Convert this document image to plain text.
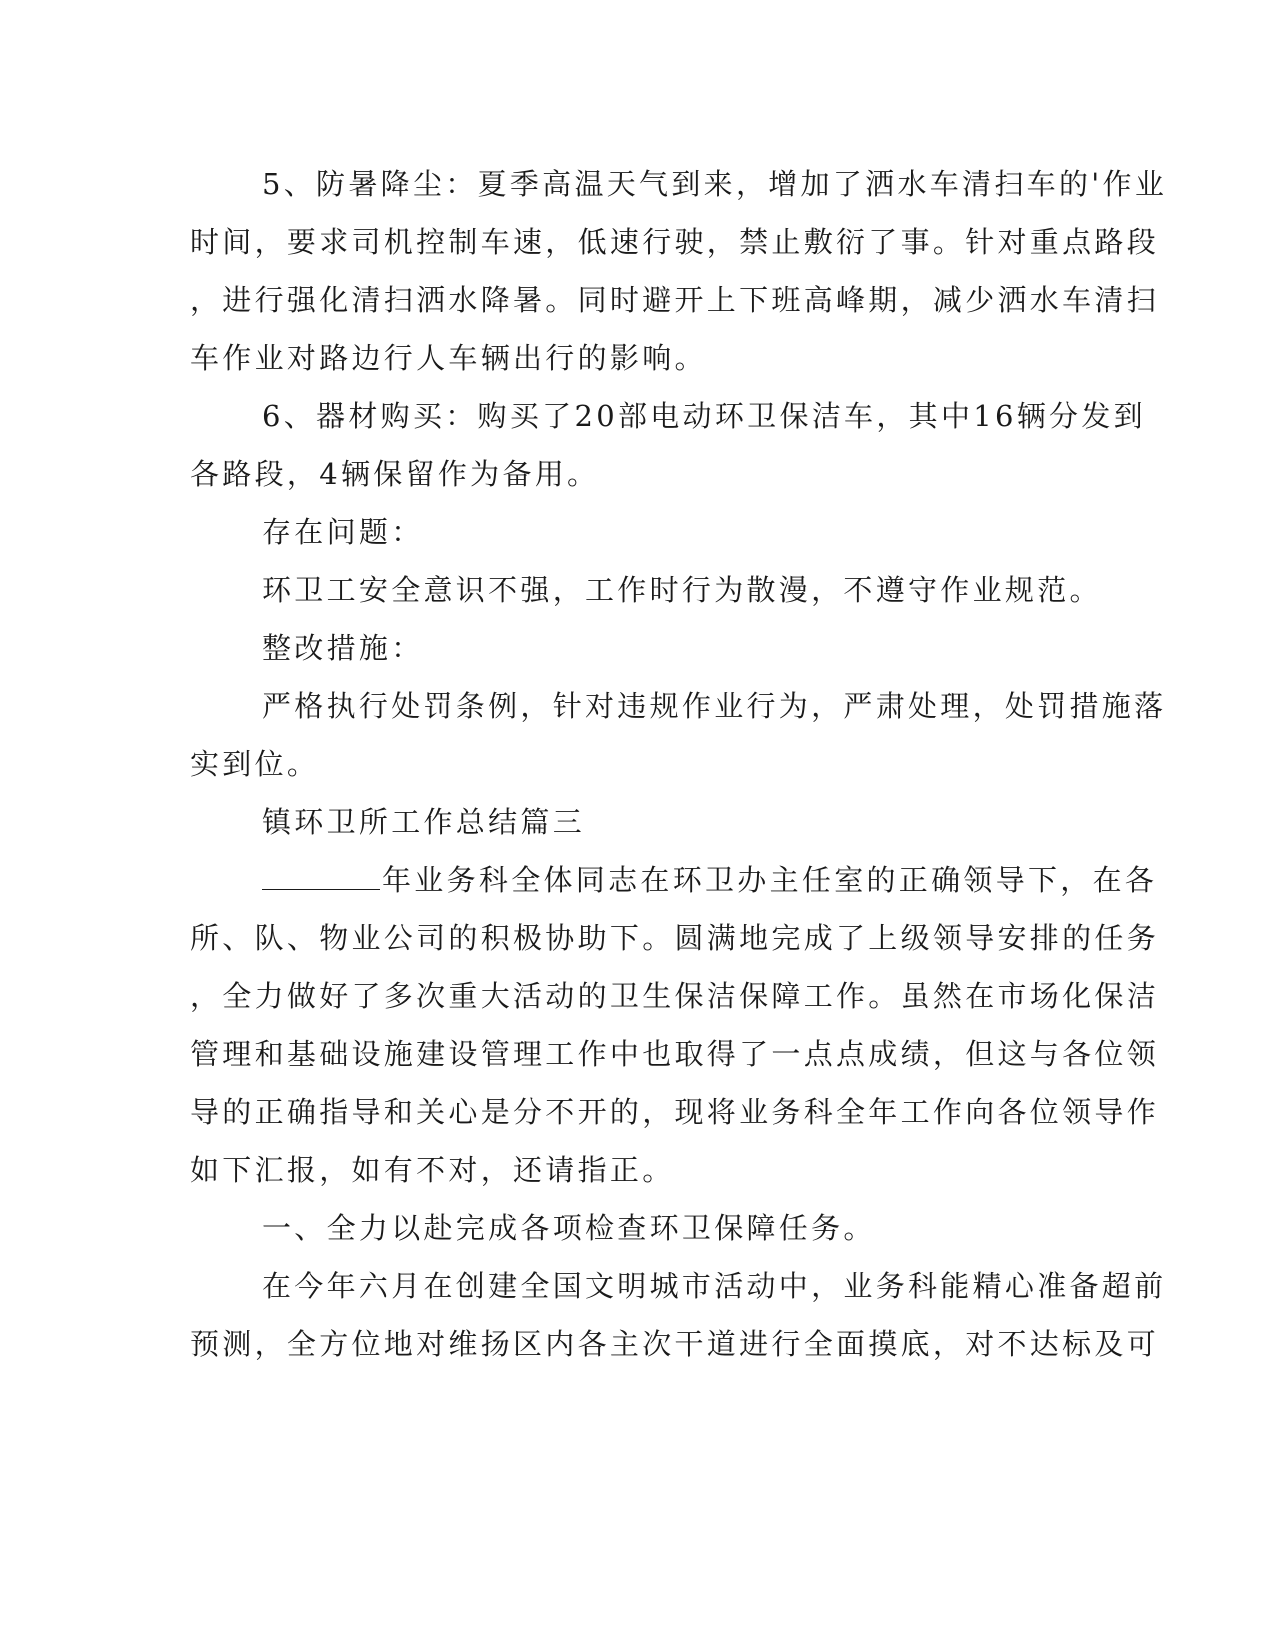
5、防暑降尘：夏季高温天气到来，增加了洒水车清扫车的'作业
时间，要求司机控制车速，低速行驶，禁止敷衍了事。针对重点路段
，进行强化清扫洒水降暑。同时避开上下班高峰期，减少洒水车清扫
车作业对路边行人车辆出行的影响。
6、器材购买：购买了20部电动环卫保洁车，其中16辆分发到
各路段，4辆保留作为备用。
存在问题：
环卫工安全意识不强，工作时行为散漫，不遵守作业规范。
整改措施：
严格执行处罚条例，针对违规作业行为，严肃处理，处罚措施落
实到位。
镇环卫所工作总结篇三
年业务科全体同志在环卫办主任室的正确领导下，在各
所、队、物业公司的积极协助下。圆满地完成了上级领导安排的任务
，全力做好了多次重大活动的卫生保洁保障工作。虽然在市场化保洁
管理和基础设施建设管理工作中也取得了一点点成绩，但这与各位领
导的正确指导和关心是分不开的，现将业务科全年工作向各位领导作
如下汇报，如有不对，还请指正。
一、全力以赴完成各项检查环卫保障任务。
在今年六月在创建全国文明城市活动中，业务科能精心准备超前
预测，全方位地对维扬区内各主次干道进行全面摸底，对不达标及可
